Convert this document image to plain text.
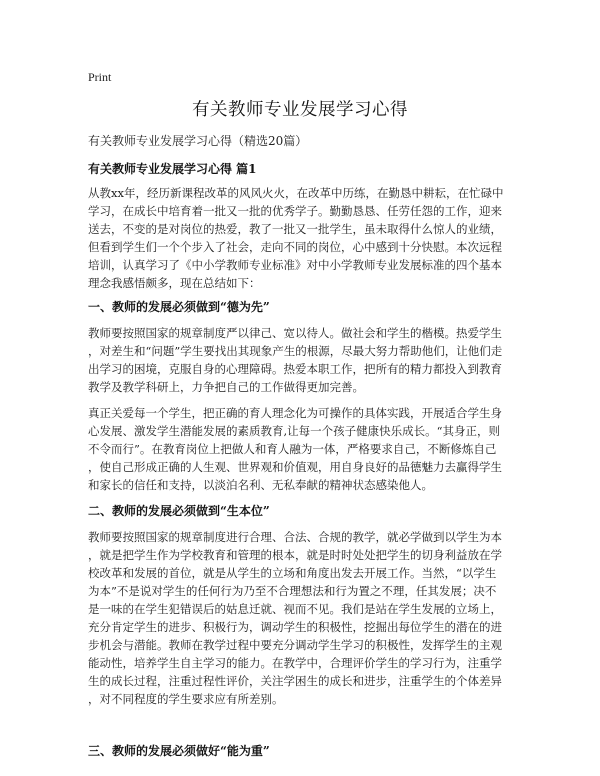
Print
有关教师专业发展学习心得
有关教师专业发展学习心得（精选20篇）
有关教师专业发展学习心得 篇1
从教xx年，经历新课程改革的风风火火，在改革中历练，在勤恳中耕耘，在忙碌中
学习，在成长中培育着一批又一批的优秀学子。勤勤恳恳、任劳任怨的工作，迎来
送去，不变的是对岗位的热爱，教了一批又一批学生，虽未取得什么惊人的业绩，
但看到学生们一个个步入了社会，走向不同的岗位，心中感到十分快慰。本次远程
培训，认真学习了《中小学教师专业标准》对中小学教师专业发展标准的四个基本
理念我感悟颇多，现在总结如下：
一、教师的发展必须做到“德为先”
教师要按照国家的规章制度严以律己、宽以待人。做社会和学生的楷模。热爱学生
，对差生和“问题”学生要找出其现象产生的根源，尽最大努力帮助他们，让他们走
出学习的困境，克服自身的心理障碍。热爱本职工作，把所有的精力都投入到教育
教学及教学科研上，力争把自己的工作做得更加完善。
真正关爱每一个学生，把正确的育人理念化为可操作的具体实践，开展适合学生身
心发展、激发学生潜能发展的素质教育,让每一个孩子健康快乐成长。“其身正，则
不令而行”。在教育岗位上把做人和育人融为一体，严格要求自己，不断修炼自己
，使自己形成正确的人生观、世界观和价值观，用自身良好的品德魅力去赢得学生
和家长的信任和支持，以淡泊名利、无私奉献的精神状态感染他人。
二、教师的发展必须做到“生本位”
教师要按照国家的规章制度进行合理、合法、合规的教学，就必学做到以学生为本
，就是把学生作为学校教育和管理的根本，就是时时处处把学生的切身利益放在学
校改革和发展的首位，就是从学生的立场和角度出发去开展工作。当然，“以学生
为本”不是说对学生的任何行为乃至不合理想法和行为置之不理，任其发展；决不
是一味的在学生犯错误后的姑息迁就、视而不见。我们是站在学生发展的立场上，
充分肯定学生的进步、积极行为，调动学生的积极性，挖掘出每位学生的潜在的进
步机会与潜能。教师在教学过程中要充分调动学生学习的积极性，发挥学生的主观
能动性，培养学生自主学习的能力。在教学中，合理评价学生的学习行为，注重学
生的成长过程，注重过程性评价，关注学困生的成长和进步，注重学生的个体差异
，对不同程度的学生要求应有所差别。
三、教师的发展必须做好“能为重”
